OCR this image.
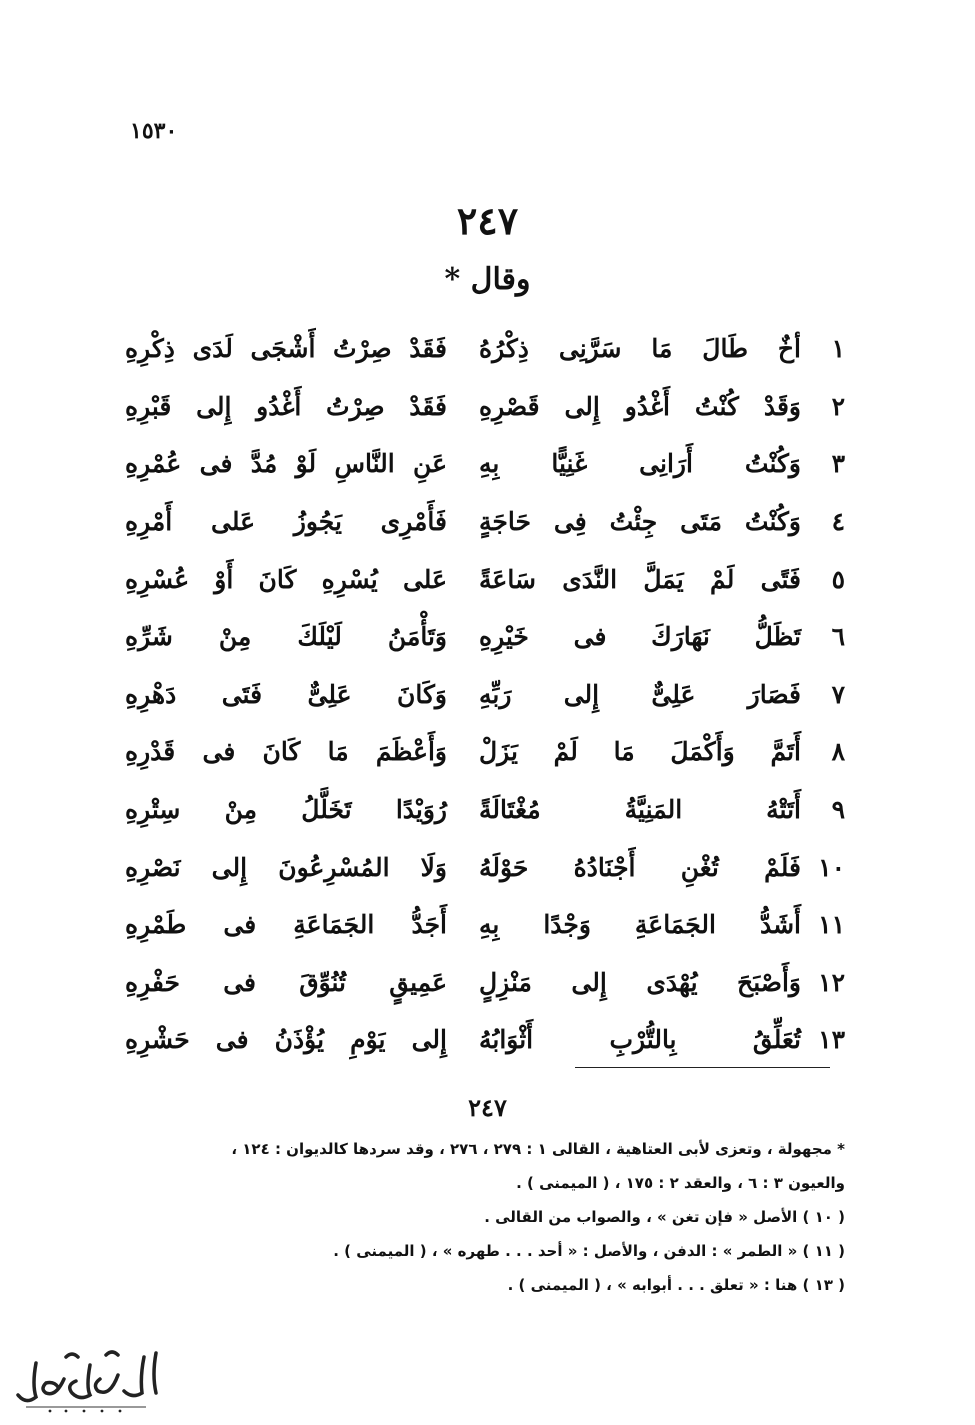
١٥٣٠
٢٤٧
وقال *
١
أخٌ طَالَ مَا سَرَّنِى ذِكْرُهُ
فَقَدْ صِرْتُ أَشْجَى لَدَى ذِكْرِهِ
٢
وَقَدْ كُنْتُ أَغْدُو إِلى قَصْرِهِ
فَقَدْ صِرْتُ أَغْدُو إِلى قَبْرِهِ
٣
وَكُنْتُ أَرَانِى غَنِيًّا بِهِ
عَنِ النَّاسِ لَوْ مُدَّ فى عُمْرِهِ
٤
وَكُنْتُ مَتَى جِئْتُ فِى حَاجَةٍ
فَأَمْرِى يَجُوزُ عَلى أَمْرِهِ
٥
فَتًى لَمْ يَمَلَّ النَّدَى سَاعَةً
عَلى يُسْرِهِ كَانَ أَوْ عُسْرِهِ
٦
تَظَلُّ نَهَارَكَ فى خَيْرِهِ
وَتَأْمَنُ لَيْلَكَ مِنْ شَرِّهِ
٧
فَصَارَ عَلِىٌّ إِلى رَبِّهِ
وَكَانَ عَلِىٌّ فَتَى دَهْرِهِ
٨
أَتَمَّ وَأَكْمَلَ مَا لَمْ يَزَلْ
وَأَعْظَمَ مَا كَانَ فى قَدْرِهِ
٩
أَتَتْهُ المَنِيَّةُ مُغْتَالَةً
رُوَيْدًا تَخَلَّلُ مِنْ سِتْرِهِ
١٠
فَلَمْ تُغْنِ أَجْنَادُهُ حَوْلَهُ
وَلَا المُسْرِعُونَ إِلى نَصْرِهِ
١١
أَشَدُّ الجَمَاعَةِ وَجْدًا بِهِ
أَجَدُّ الجَمَاعَةِ فى طَمْرِهِ
١٢
وَأَصْبَحَ يُهْدَى إِلى مَنْزِلٍ
عَمِيقٍ تُنُوِّقَ فى حَفْرِهِ
١٣
تُعَلِّقُ بِالتُّرْبِ أَثْوَابُهُ
إِلى يَوْمِ يُؤْذَنُ فى حَشْرِهِ
٢٤٧
* مجهولة ، وتعزى لأبى العتاهية ، القالى ١ : ٢٧٩ ، ٢٧٦ ، وقد سردها كالديوان : ١٢٤ ،
والعيون ٣ : ٦ ، والعقد ٢ : ١٧٥ ، ( الميمنى ) .
( ١٠ ) الأصل « فإن تغن » ، والصواب من القالى .
( ١١ ) « الطمر » : الدفن ، والأصل : « أحد . . . طهره » ، ( الميمنى ) .
( ١٣ ) هنا : « تعلق . . . أبوابه » ، ( الميمنى ) .
